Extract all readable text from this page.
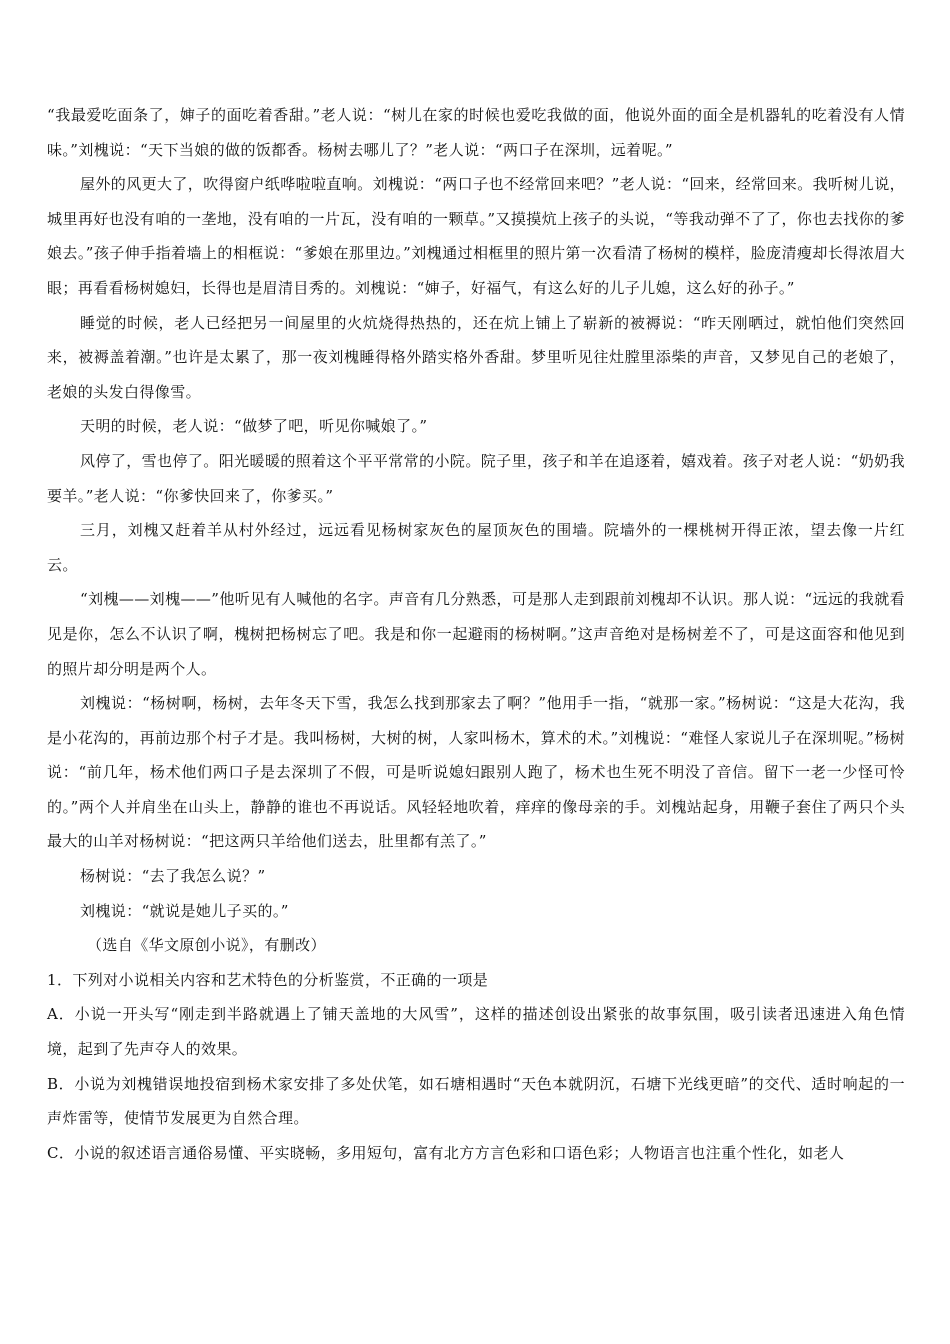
“我最爱吃面条了，婶子的面吃着香甜。”老人说：“树儿在家的时候也爱吃我做的面，他说外面的面全是机器轧的吃着没有人情味。”刘槐说：“天下当娘的做的饭都香。杨树去哪儿了？”老人说：“两口子在深圳，远着呢。”

屋外的风更大了，吹得窗户纸哗啦啦直响。刘槐说：“两口子也不经常回来吧？”老人说：“回来，经常回来。我听树儿说，城里再好也没有咱的一垄地，没有咱的一片瓦，没有咱的一颗草。”又摸摸炕上孩子的头说，“等我动弹不了了，你也去找你的爹娘去。”孩子伸手指着墙上的相框说：“爹娘在那里边。”刘槐通过相框里的照片第一次看清了杨树的模样，脸庞清瘦却长得浓眉大眼；再看看杨树媳妇，长得也是眉清目秀的。刘槐说：“婶子，好福气，有这么好的儿子儿媳，这么好的孙子。”

睡觉的时候，老人已经把另一间屋里的火炕烧得热热的，还在炕上铺上了崭新的被褥说：“昨天刚晒过，就怕他们突然回来，被褥盖着潮。”也许是太累了，那一夜刘槐睡得格外踏实格外香甜。梦里听见往灶膛里添柴的声音，又梦见自己的老娘了，老娘的头发白得像雪。

天明的时候，老人说：“做梦了吧，听见你喊娘了。”

风停了，雪也停了。阳光暖暖的照着这个平平常常的小院。院子里，孩子和羊在追逐着，嬉戏着。孩子对老人说：“奶奶我要羊。”老人说：“你爹快回来了，你爹买。”

三月，刘槐又赶着羊从村外经过，远远看见杨树家灰色的屋顶灰色的围墙。院墙外的一棵桃树开得正浓，望去像一片红云。

“刘槐——刘槐——”他听见有人喊他的名字。声音有几分熟悉，可是那人走到跟前刘槐却不认识。那人说：“远远的我就看见是你，怎么不认识了啊，槐树把杨树忘了吧。我是和你一起避雨的杨树啊。”这声音绝对是杨树差不了，可是这面容和他见到的照片却分明是两个人。

刘槐说：“杨树啊，杨树，去年冬天下雪，我怎么找到那家去了啊？”他用手一指，“就那一家。”杨树说：“这是大花沟，我是小花沟的，再前边那个村子才是。我叫杨树，大树的树，人家叫杨木，算术的术。”刘槐说：“难怪人家说儿子在深圳呢。”杨树说：“前几年，杨术他们两口子是去深圳了不假，可是听说媳妇跟别人跑了，杨术也生死不明没了音信。留下一老一少怪可怜的。”两个人并肩坐在山头上，静静的谁也不再说话。风轻轻地吹着，痒痒的像母亲的手。刘槐站起身，用鞭子套住了两只个头最大的山羊对杨树说：“把这两只羊给他们送去，肚里都有羔了。”

杨树说：“去了我怎么说？”

刘槐说：“就说是她儿子买的。”

（选自《华文原创小说》，有删改）

1．下列对小说相关内容和艺术特色的分析鉴赏，不正确的一项是

A．小说一开头写“刚走到半路就遇上了铺天盖地的大风雪”，这样的描述创设出紧张的故事氛围，吸引读者迅速进入角色情境，起到了先声夺人的效果。

B．小说为刘槐错误地投宿到杨术家安排了多处伏笔，如石塘相遇时“天色本就阴沉，石塘下光线更暗”的交代、适时响起的一声炸雷等，使情节发展更为自然合理。

C．小说的叙述语言通俗易懂、平实晓畅，多用短句，富有北方方言色彩和口语色彩；人物语言也注重个性化，如老人
